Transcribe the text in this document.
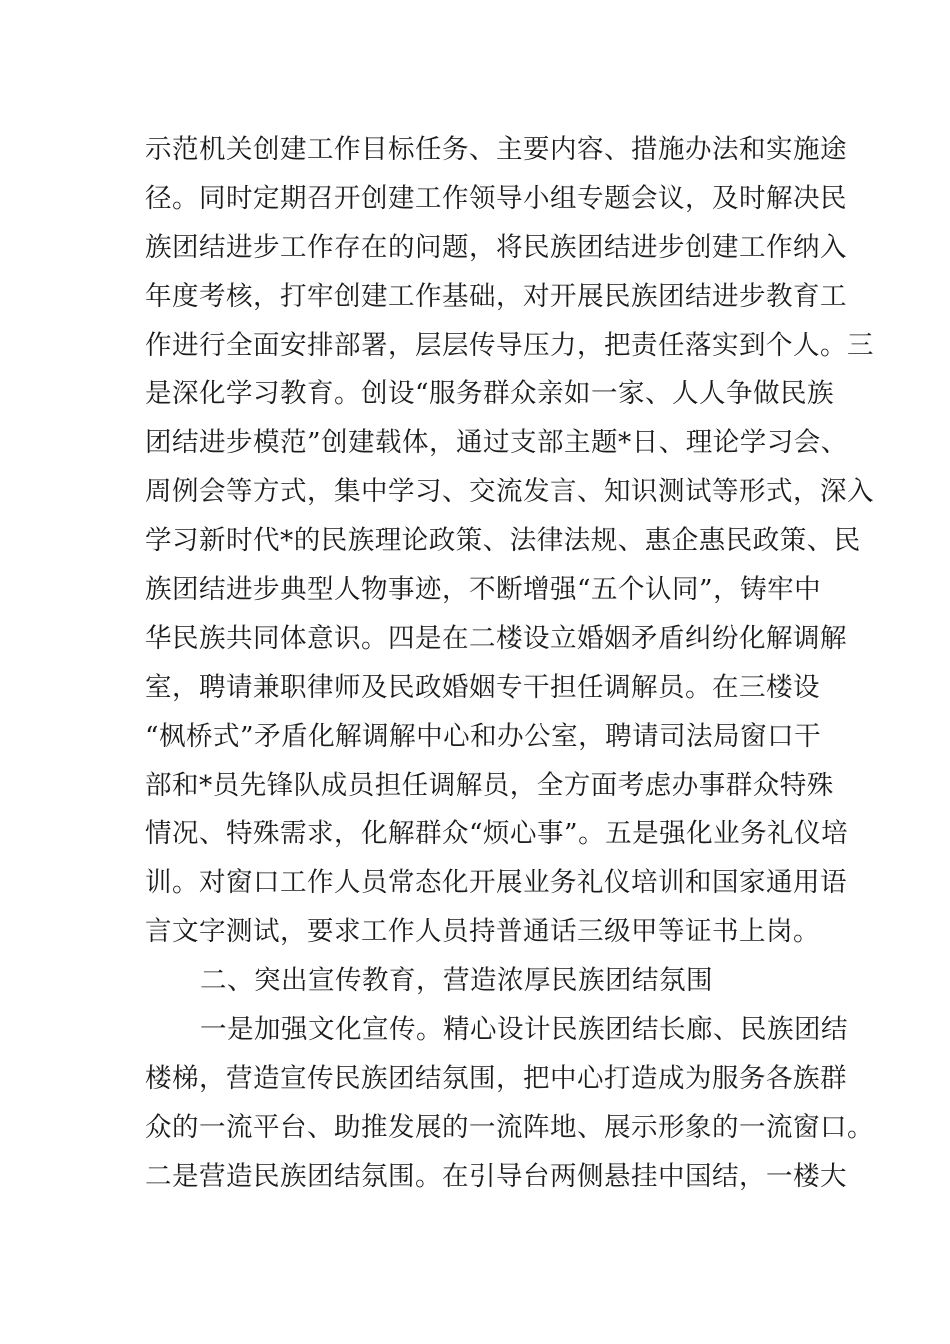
示范机关创建工作目标任务、主要内容、措施办法和实施途
径。同时定期召开创建工作领导小组专题会议，及时解决民
族团结进步工作存在的问题，将民族团结进步创建工作纳入
年度考核，打牢创建工作基础，对开展民族团结进步教育工
作进行全面安排部署，层层传导压力，把责任落实到个人。三
是深化学习教育。创设“服务群众亲如一家、人人争做民族
团结进步模范”创建载体，通过支部主题*日、理论学习会、
周例会等方式，集中学习、交流发言、知识测试等形式，深入
学习新时代*的民族理论政策、法律法规、惠企惠民政策、民
族团结进步典型人物事迹，不断增强“五个认同”，铸牢中
华民族共同体意识。四是在二楼设立婚姻矛盾纠纷化解调解
室，聘请兼职律师及民政婚姻专干担任调解员。在三楼设
“枫桥式”矛盾化解调解中心和办公室，聘请司法局窗口干
部和*员先锋队成员担任调解员，全方面考虑办事群众特殊
情况、特殊需求，化解群众“烦心事”。五是强化业务礼仪培
训。对窗口工作人员常态化开展业务礼仪培训和国家通用语
言文字测试，要求工作人员持普通话三级甲等证书上岗。
二、突出宣传教育，营造浓厚民族团结氛围
一是加强文化宣传。精心设计民族团结长廊、民族团结
楼梯，营造宣传民族团结氛围，把中心打造成为服务各族群
众的一流平台、助推发展的一流阵地、展示形象的一流窗口。
二是营造民族团结氛围。在引导台两侧悬挂中国结，一楼大
